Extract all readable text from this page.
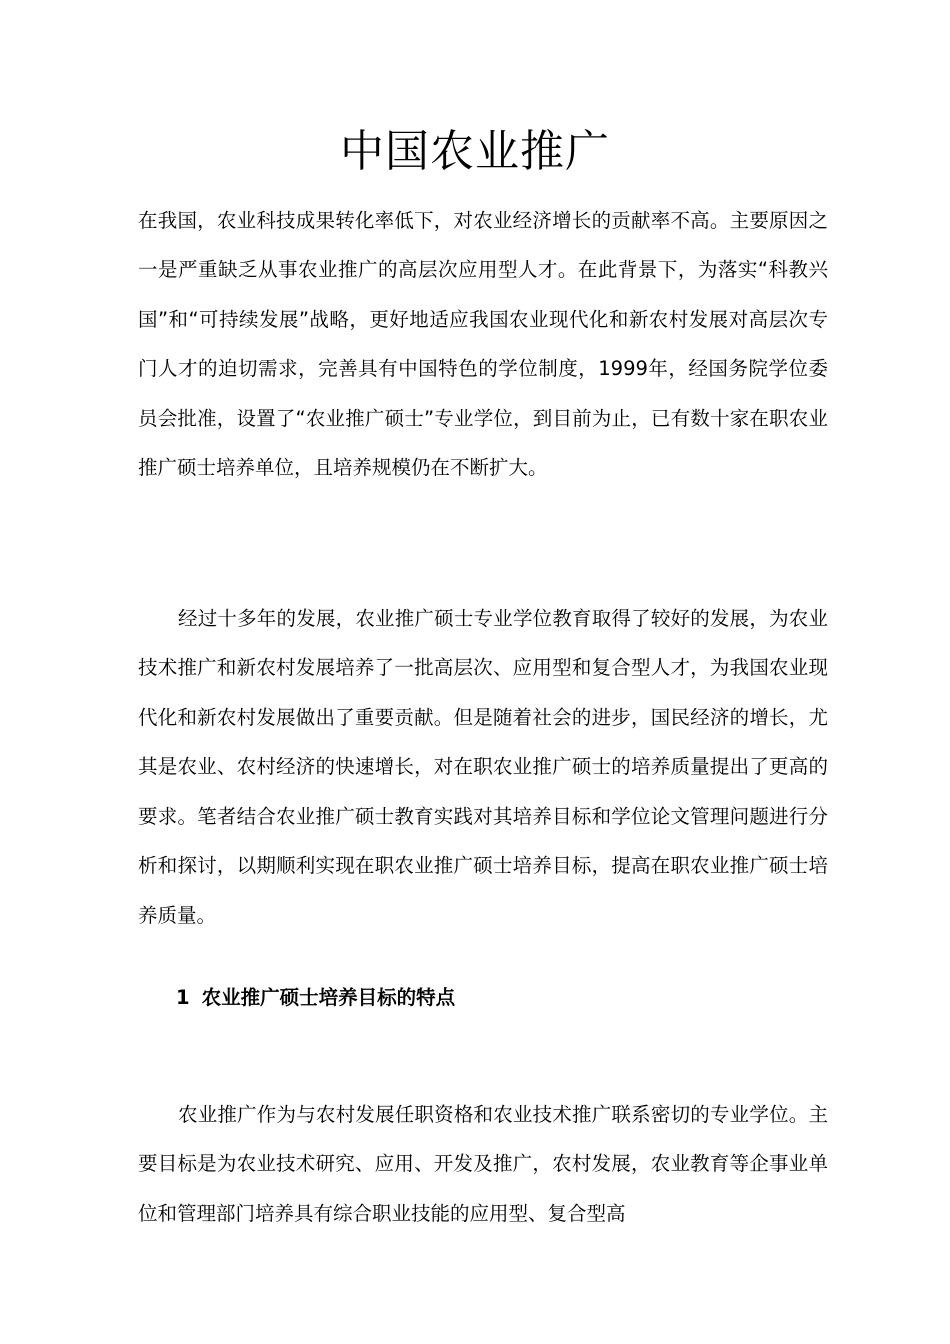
中国农业推广

在我国，农业科技成果转化率低下，对农业经济增长的贡献率不高。主要原因之一是严重缺乏从事农业推广的高层次应用型人才。在此背景下，为落实“科教兴国”和“可持续发展”战略，更好地适应我国农业现代化和新农村发展对高层次专门人才的迫切需求，完善具有中国特色的学位制度，1999年，经国务院学位委员会批准，设置了“农业推广硕士”专业学位，到目前为止，已有数十家在职农业推广硕士培养单位，且培养规模仍在不断扩大。

经过十多年的发展，农业推广硕士专业学位教育取得了较好的发展，为农业技术推广和新农村发展培养了一批高层次、应用型和复合型人才，为我国农业现代化和新农村发展做出了重要贡献。但是随着社会的进步，国民经济的增长，尤其是农业、农村经济的快速增长，对在职农业推广硕士的培养质量提出了更高的要求。笔者结合农业推广硕士教育实践对其培养目标和学位论文管理问题进行分析和探讨，以期顺利实现在职农业推广硕士培养目标，提高在职农业推广硕士培养质量。

1 农业推广硕士培养目标的特点

农业推广作为与农村发展任职资格和农业技术推广联系密切的专业学位。主要目标是为农业技术研究、应用、开发及推广，农村发展，农业教育等企事业单位和管理部门培养具有综合职业技能的应用型、复合型高
